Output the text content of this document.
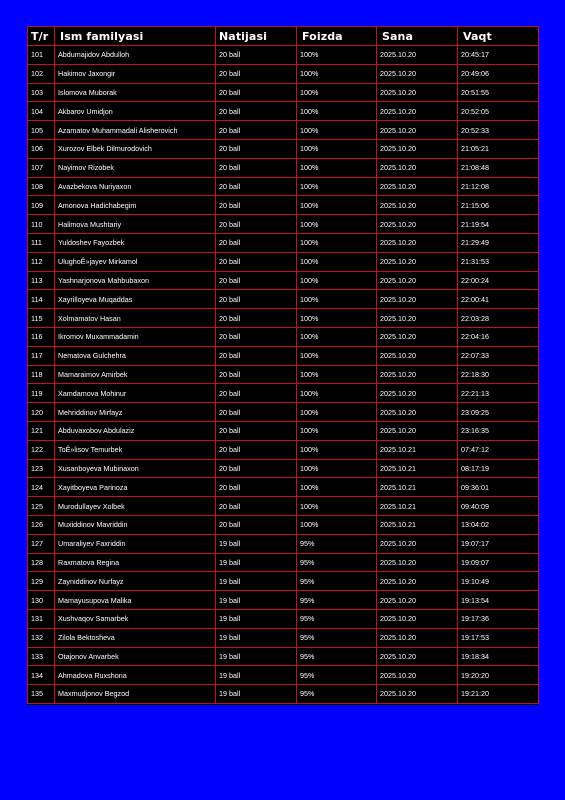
T/r	Ism familyasi	Natijasi	Foizda	Sana	Vaqt
101	Abdumajidov Abdulloh	20 ball	100%	2025.10.20	20:45:17
102	Hakimov Jaxongir	20 ball	100%	2025.10.20	20:49:06
103	Islomova Muborak	20 ball	100%	2025.10.20	20:51:55
104	Akbarov Umidjon	20 ball	100%	2025.10.20	20:52:05
105	Azamatov Muhammadali Alisherovich	20 ball	100%	2025.10.20	20:52:33
106	Xurozov Elbek Dilmurodovich	20 ball	100%	2025.10.20	21:05:21
107	Nayimov Rizobek	20 ball	100%	2025.10.20	21:08:48
108	Avazbekova Nuriyaxon	20 ball	100%	2025.10.20	21:12:08
109	Amonova Hadichabegim	20 ball	100%	2025.10.20	21:15:06
110	Halimova Mushtariy	20 ball	100%	2025.10.20	21:19:54
111	Yuldoshev Fayozbek	20 ball	100%	2025.10.20	21:29:49
112	UlughoÊ»jayev Mirkamol	20 ball	100%	2025.10.20	21:31:53
113	Yashnarjonova Mahbubaxon	20 ball	100%	2025.10.20	22:00:24
114	Xayrilloyeva Muqaddas	20 ball	100%	2025.10.20	22:00:41
115	Xolmamatov Hasan	20 ball	100%	2025.10.20	22:03:28
116	Ikromov Muxammadamin	20 ball	100%	2025.10.20	22:04:16
117	Nematova Gulchehra	20 ball	100%	2025.10.20	22:07:33
118	Mamaraimov Amirbek	20 ball	100%	2025.10.20	22:18:30
119	Xamdamova Mohinur	20 ball	100%	2025.10.20	22:21:13
120	Mehriddinov Mirfayz	20 ball	100%	2025.10.20	23:09:25
121	Abduvaxobov Abdulaziz	20 ball	100%	2025.10.20	23:16:35
122	ToÊ»lisov Temurbek	20 ball	100%	2025.10.21	07:47:12
123	Xusanboyeva Mubinaxon	20 ball	100%	2025.10.21	08:17:19
124	Xayitboyeva Parinoza	20 ball	100%	2025.10.21	09:36:01
125	Murodullayev Xolbek	20 ball	100%	2025.10.21	09:40:09
126	Muxiddinov Mavriddin	20 ball	100%	2025.10.21	13:04:02
127	Umaraliyev Faxriddin	19 ball	95%	2025.10.20	19:07:17
128	Raxmatova Regina	19 ball	95%	2025.10.20	19:09:07
129	Zayniddinov Nurfayz	19 ball	95%	2025.10.20	19:10:49
130	Mamayusupova Malika	19 ball	95%	2025.10.20	19:13:54
131	Xushvaqov Samarbek	19 ball	95%	2025.10.20	19:17:36
132	Zilola Bektosheva	19 ball	95%	2025.10.20	19:17:53
133	Otajonov Anvarbek	19 ball	95%	2025.10.20	19:18:34
134	Ahmadova Ruxshona	19 ball	95%	2025.10.20	19:20:20
135	Maxmudjonov Begzod	19 ball	95%	2025.10.20	19:21:20
